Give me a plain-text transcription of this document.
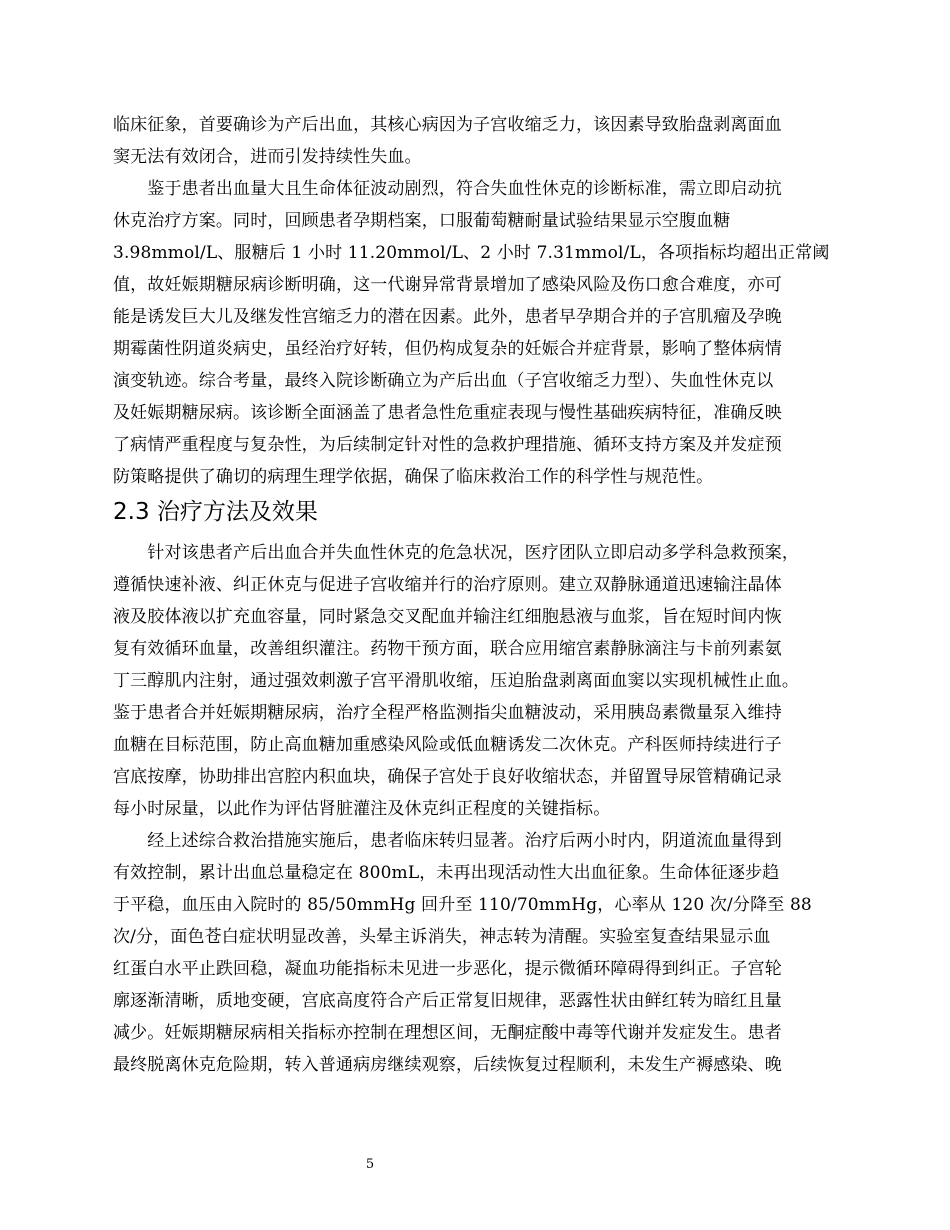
临床征象，首要确诊为产后出血，其核心病因为子宫收缩乏力，该因素导致胎盘剥离面血
窦无法有效闭合，进而引发持续性失血。
　　鉴于患者出血量大且生命体征波动剧烈，符合失血性休克的诊断标准，需立即启动抗
休克治疗方案。同时，回顾患者孕期档案，口服葡萄糖耐量试验结果显示空腹血糖
3.98mmol/L、服糖后 1 小时 11.20mmol/L、2 小时 7.31mmol/L，各项指标均超出正常阈
值，故妊娠期糖尿病诊断明确，这一代谢异常背景增加了感染风险及伤口愈合难度，亦可
能是诱发巨大儿及继发性宫缩乏力的潜在因素。此外，患者早孕期合并的子宫肌瘤及孕晚
期霉菌性阴道炎病史，虽经治疗好转，但仍构成复杂的妊娠合并症背景，影响了整体病情
演变轨迹。综合考量，最终入院诊断确立为产后出血（子宫收缩乏力型）、失血性休克以
及妊娠期糖尿病。该诊断全面涵盖了患者急性危重症表现与慢性基础疾病特征，准确反映
了病情严重程度与复杂性，为后续制定针对性的急救护理措施、循环支持方案及并发症预
防策略提供了确切的病理生理学依据，确保了临床救治工作的科学性与规范性。
2.3 治疗方法及效果
　　针对该患者产后出血合并失血性休克的危急状况，医疗团队立即启动多学科急救预案，
遵循快速补液、纠正休克与促进子宫收缩并行的治疗原则。建立双静脉通道迅速输注晶体
液及胶体液以扩充血容量，同时紧急交叉配血并输注红细胞悬液与血浆，旨在短时间内恢
复有效循环血量，改善组织灌注。药物干预方面，联合应用缩宫素静脉滴注与卡前列素氨
丁三醇肌内注射，通过强效刺激子宫平滑肌收缩，压迫胎盘剥离面血窦以实现机械性止血。
鉴于患者合并妊娠期糖尿病，治疗全程严格监测指尖血糖波动，采用胰岛素微量泵入维持
血糖在目标范围，防止高血糖加重感染风险或低血糖诱发二次休克。产科医师持续进行子
宫底按摩，协助排出宫腔内积血块，确保子宫处于良好收缩状态，并留置导尿管精确记录
每小时尿量，以此作为评估肾脏灌注及休克纠正程度的关键指标。
　　经上述综合救治措施实施后，患者临床转归显著。治疗后两小时内，阴道流血量得到
有效控制，累计出血总量稳定在 800mL，未再出现活动性大出血征象。生命体征逐步趋
于平稳，血压由入院时的 85/50mmHg 回升至 110/70mmHg，心率从 120 次/分降至 88
次/分，面色苍白症状明显改善，头晕主诉消失，神志转为清醒。实验室复查结果显示血
红蛋白水平止跌回稳，凝血功能指标未见进一步恶化，提示微循环障碍得到纠正。子宫轮
廓逐渐清晰，质地变硬，宫底高度符合产后正常复旧规律，恶露性状由鲜红转为暗红且量
减少。妊娠期糖尿病相关指标亦控制在理想区间，无酮症酸中毒等代谢并发症发生。患者
最终脱离休克危险期，转入普通病房继续观察，后续恢复过程顺利，未发生产褥感染、晚
5
